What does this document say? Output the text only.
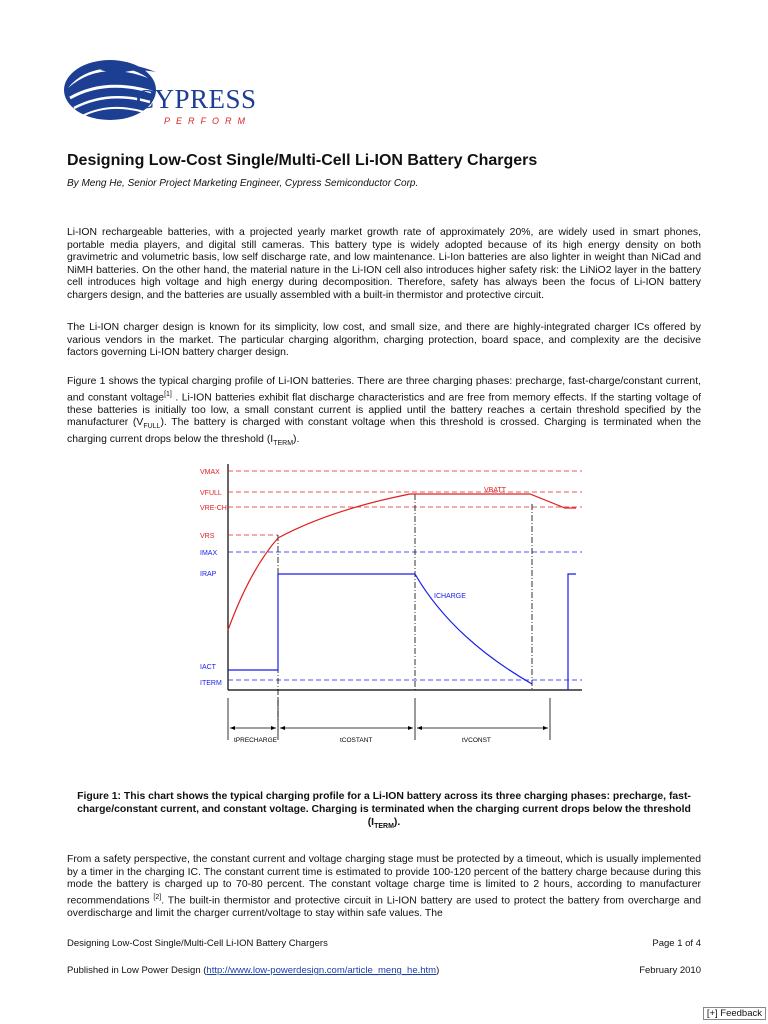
CYPRESS
PERFORM
Designing Low-Cost Single/Multi-Cell Li-ION Battery Chargers
By Meng He, Senior Project Marketing Engineer, Cypress Semiconductor Corp.
Li-ION rechargeable batteries, with a projected yearly market growth rate of approximately 20%, are widely used in smart phones, portable media players, and digital still cameras. This battery type is widely adopted because of its high energy density on both gravimetric and volumetric basis, low self discharge rate, and low maintenance. Li-Ion batteries are also lighter in weight than NiCad and NiMH batteries. On the other hand, the material nature in the Li-ION cell also introduces higher safety risk: the LiNiO2 layer in the battery cell introduces high voltage and high energy during decomposition. Therefore, safety has always been the focus of Li-ION battery chargers design, and the batteries are usually assembled with a built-in thermistor and protective circuit.
The Li-ION charger design is known for its simplicity, low cost, and small size, and there are highly-integrated charger ICs offered by various vendors in the market. The particular charging algorithm, charging protection, board space, and complexity are the decisive factors governing Li-ION battery charger design.
Figure 1 shows the typical charging profile of Li-ION batteries. There are three charging phases: precharge, fast-charge/constant current, and constant voltage[1] . Li-ION batteries exhibit flat discharge characteristics and are free from memory effects. If the starting voltage of these batteries is initially too low, a small constant current is applied until the battery reaches a certain threshold specified by the manufacturer $(V_{FULL})$. The battery is charged with constant voltage when this threshold is crossed. Charging is terminated when the charging current drops below the threshold $(I_{TERM})$.
VMAX
VFULL
VRE-CH
VRS
VBATT
IMAX
IRAP
IACT
ITERM
ICHARGE
tPRECHARGE	tCOSTANT	tVCONST
Figure 1: This chart shows the typical charging profile for a Li-ION battery across its three charging phases: precharge, fast-charge/constant current, and constant voltage. Charging is terminated when the charging current drops below the threshold $(I_{TERM})$.
From a safety perspective, the constant current and voltage charging stage must be protected by a timeout, which is usually implemented by a timer in the charging IC. The constant current time is estimated to provide 100-120 percent of the battery charge because during this mode the battery is charged up to 70-80 percent. The constant voltage charge time is limited to 2 hours, according to manufacturer recommendations [2]. The built-in thermistor and protective circuit in Li-ION battery are used to protect the battery from overcharge and overdischarge and limit the charger current/voltage to stay within safe values. The
Designing Low-Cost Single/Multi-Cell Li-ION Battery Chargers	Page 1 of 4
Published in Low Power Design (http://www.low-powerdesign.com/article_meng_he.htm)	February 2010
[+] Feedback
